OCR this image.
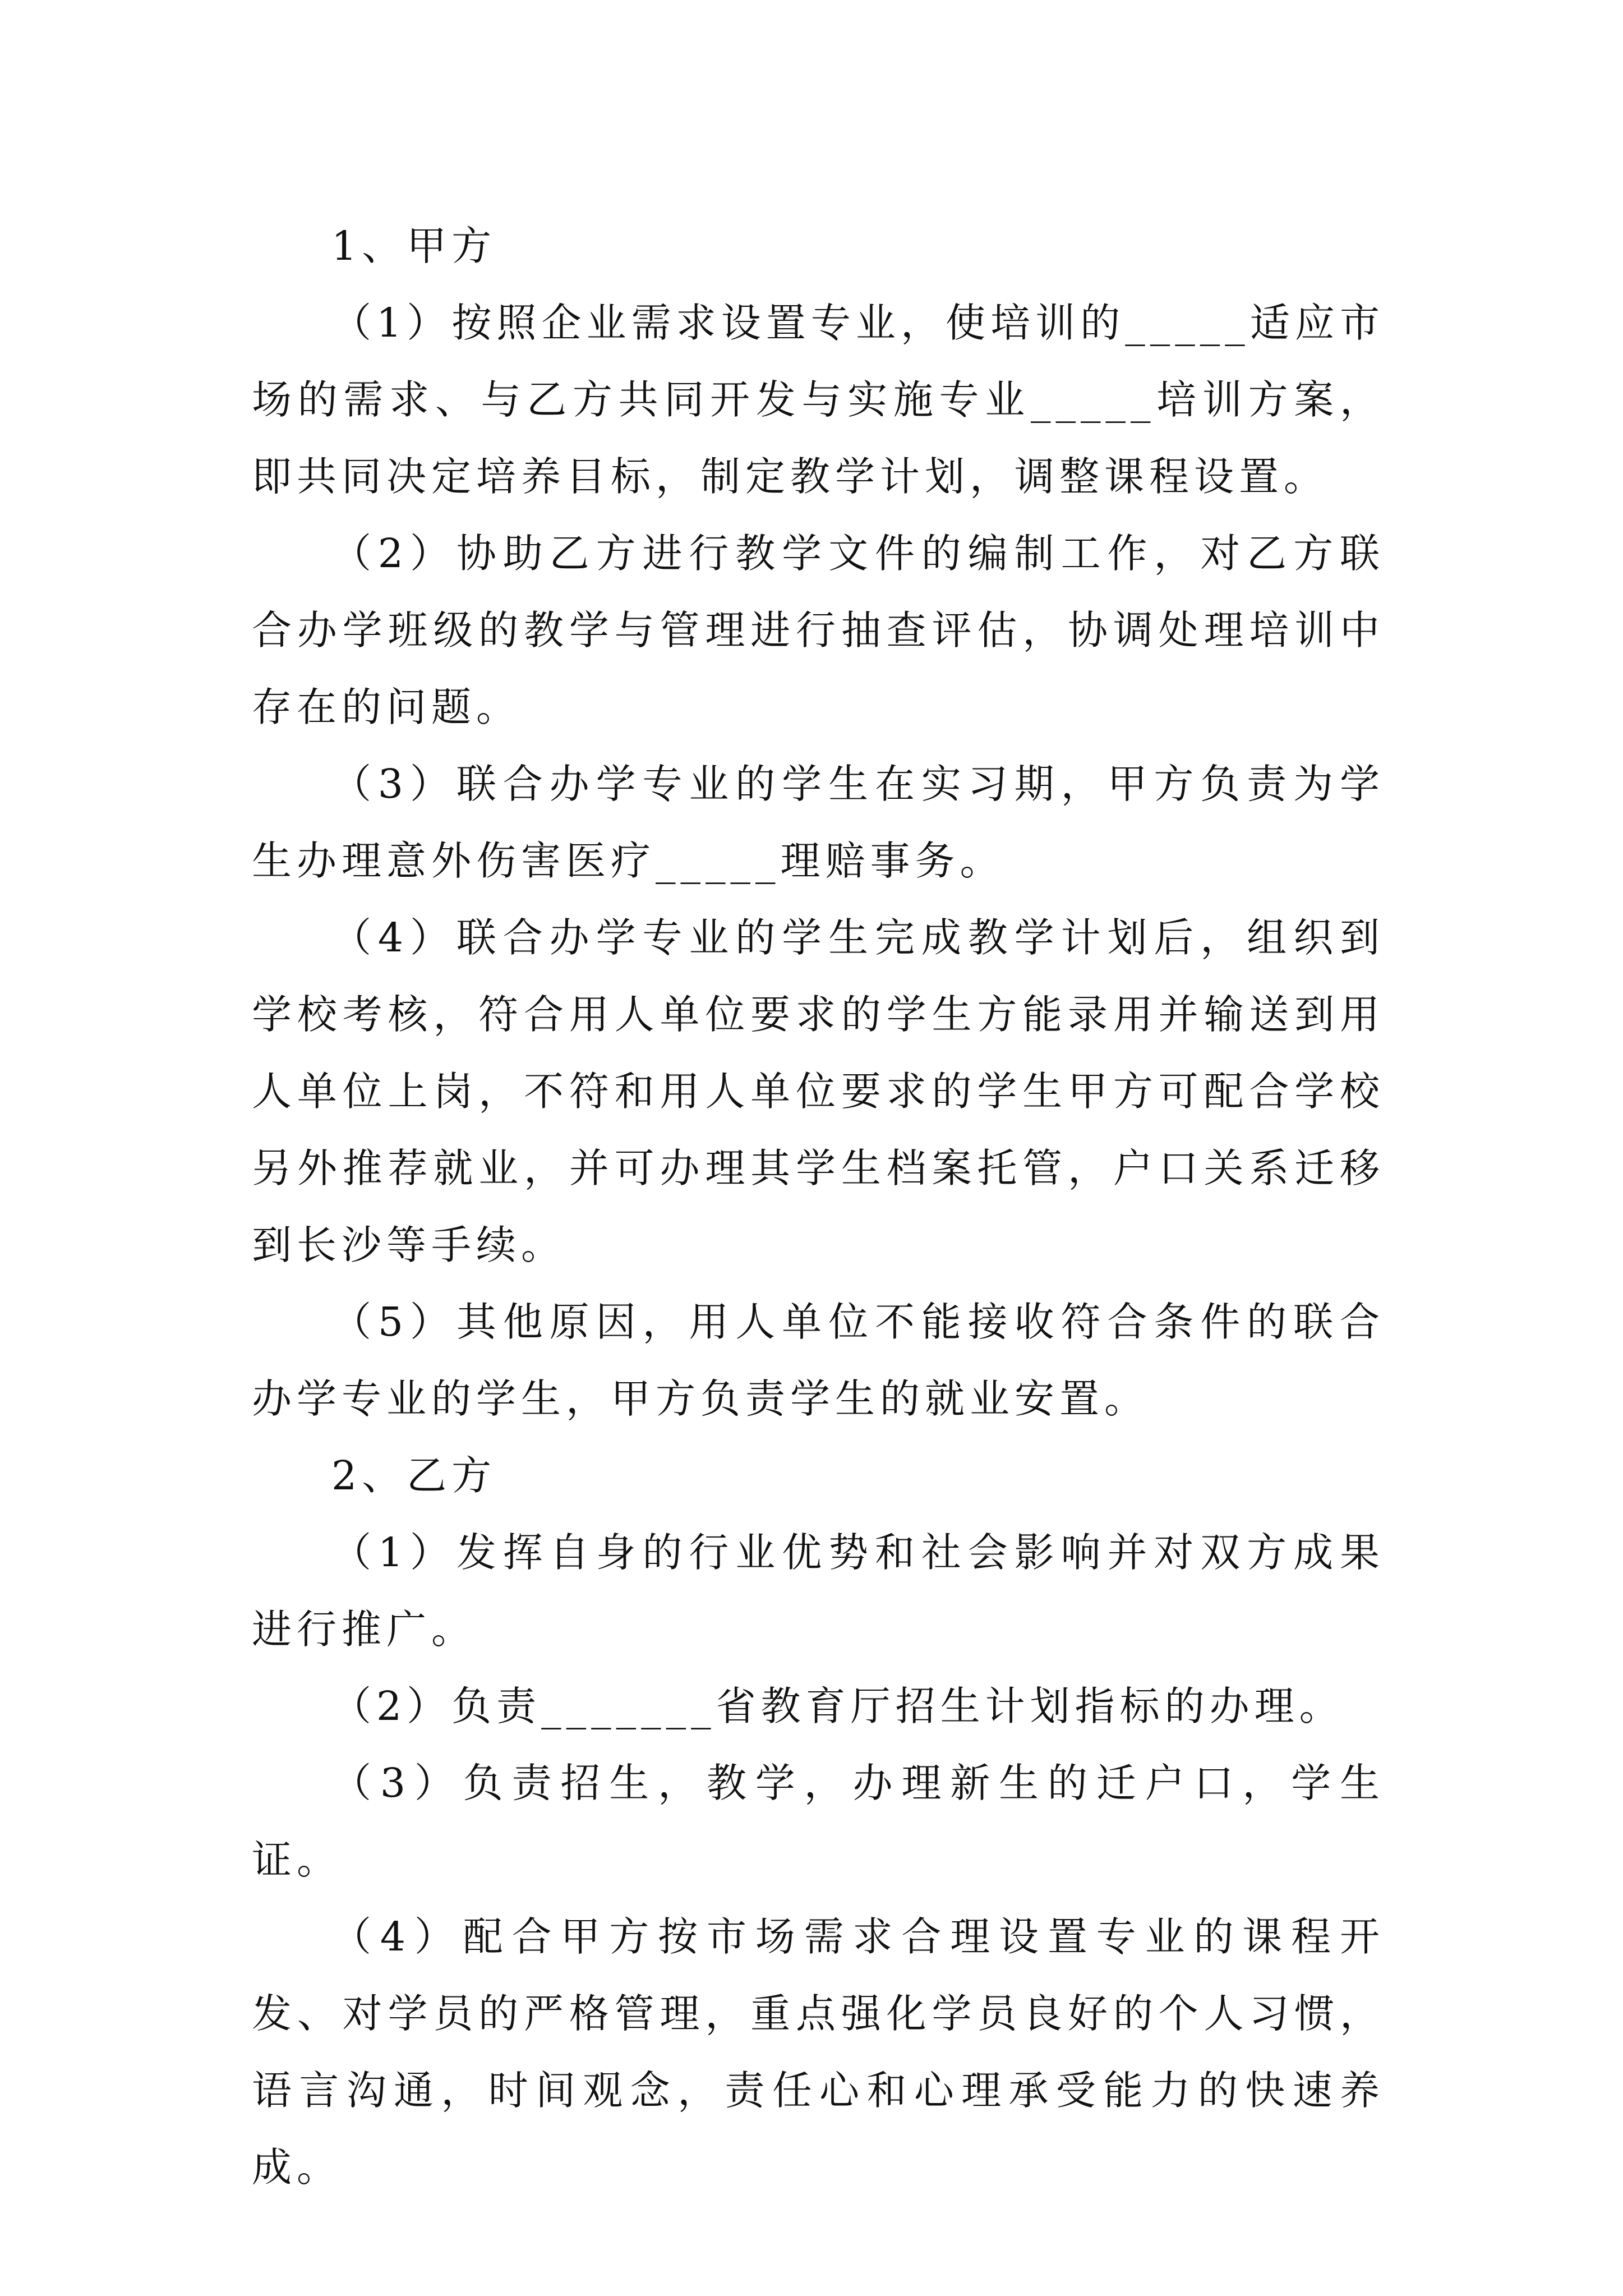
1、甲方

（1）按照企业需求设置专业，使培训的_____适应市场的需求、与乙方共同开发与实施专业_____培训方案，即共同决定培养目标，制定教学计划，调整课程设置。

（2）协助乙方进行教学文件的编制工作，对乙方联合办学班级的教学与管理进行抽查评估，协调处理培训中存在的问题。

（3）联合办学专业的学生在实习期，甲方负责为学生办理意外伤害医疗_____理赔事务。

（4）联合办学专业的学生完成教学计划后，组织到学校考核，符合用人单位要求的学生方能录用并输送到用人单位上岗，不符和用人单位要求的学生甲方可配合学校另外推荐就业，并可办理其学生档案托管，户口关系迁移到长沙等手续。

（5）其他原因，用人单位不能接收符合条件的联合办学专业的学生，甲方负责学生的就业安置。

2、乙方

（1）发挥自身的行业优势和社会影响并对双方成果进行推广。

（2）负责_______省教育厅招生计划指标的办理。

（3）负责招生，教学，办理新生的迁户口，学生证。

（4）配合甲方按市场需求合理设置专业的课程开发、对学员的严格管理，重点强化学员良好的个人习惯，语言沟通，时间观念，责任心和心理承受能力的快速养成。
